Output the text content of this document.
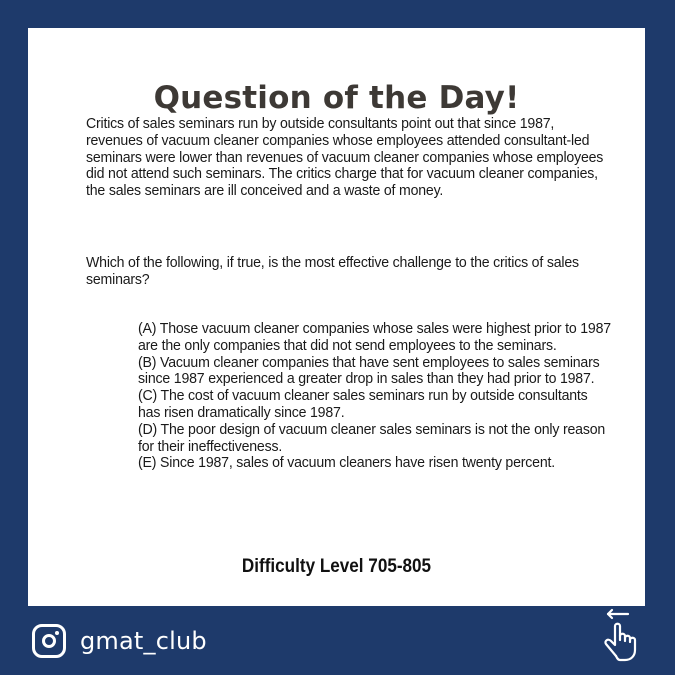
Question of the Day!
Critics of sales seminars run by outside consultants point out that since 1987, revenues of vacuum cleaner companies whose employees attended consultant-led seminars were lower than revenues of vacuum cleaner companies whose employees did not attend such seminars. The critics charge that for vacuum cleaner companies, the sales seminars are ill conceived and a waste of money.
Which of the following, if true, is the most effective challenge to the critics of sales seminars?
(A) Those vacuum cleaner companies whose sales were highest prior to 1987 are the only companies that did not send employees to the seminars.
(B) Vacuum cleaner companies that have sent employees to sales seminars since 1987 experienced a greater drop in sales than they had prior to 1987.
(C) The cost of vacuum cleaner sales seminars run by outside consultants has risen dramatically since 1987.
(D) The poor design of vacuum cleaner sales seminars is not the only reason for their ineffectiveness.
(E) Since 1987, sales of vacuum cleaners have risen twenty percent.
Difficulty Level 705-805
gmat_club
